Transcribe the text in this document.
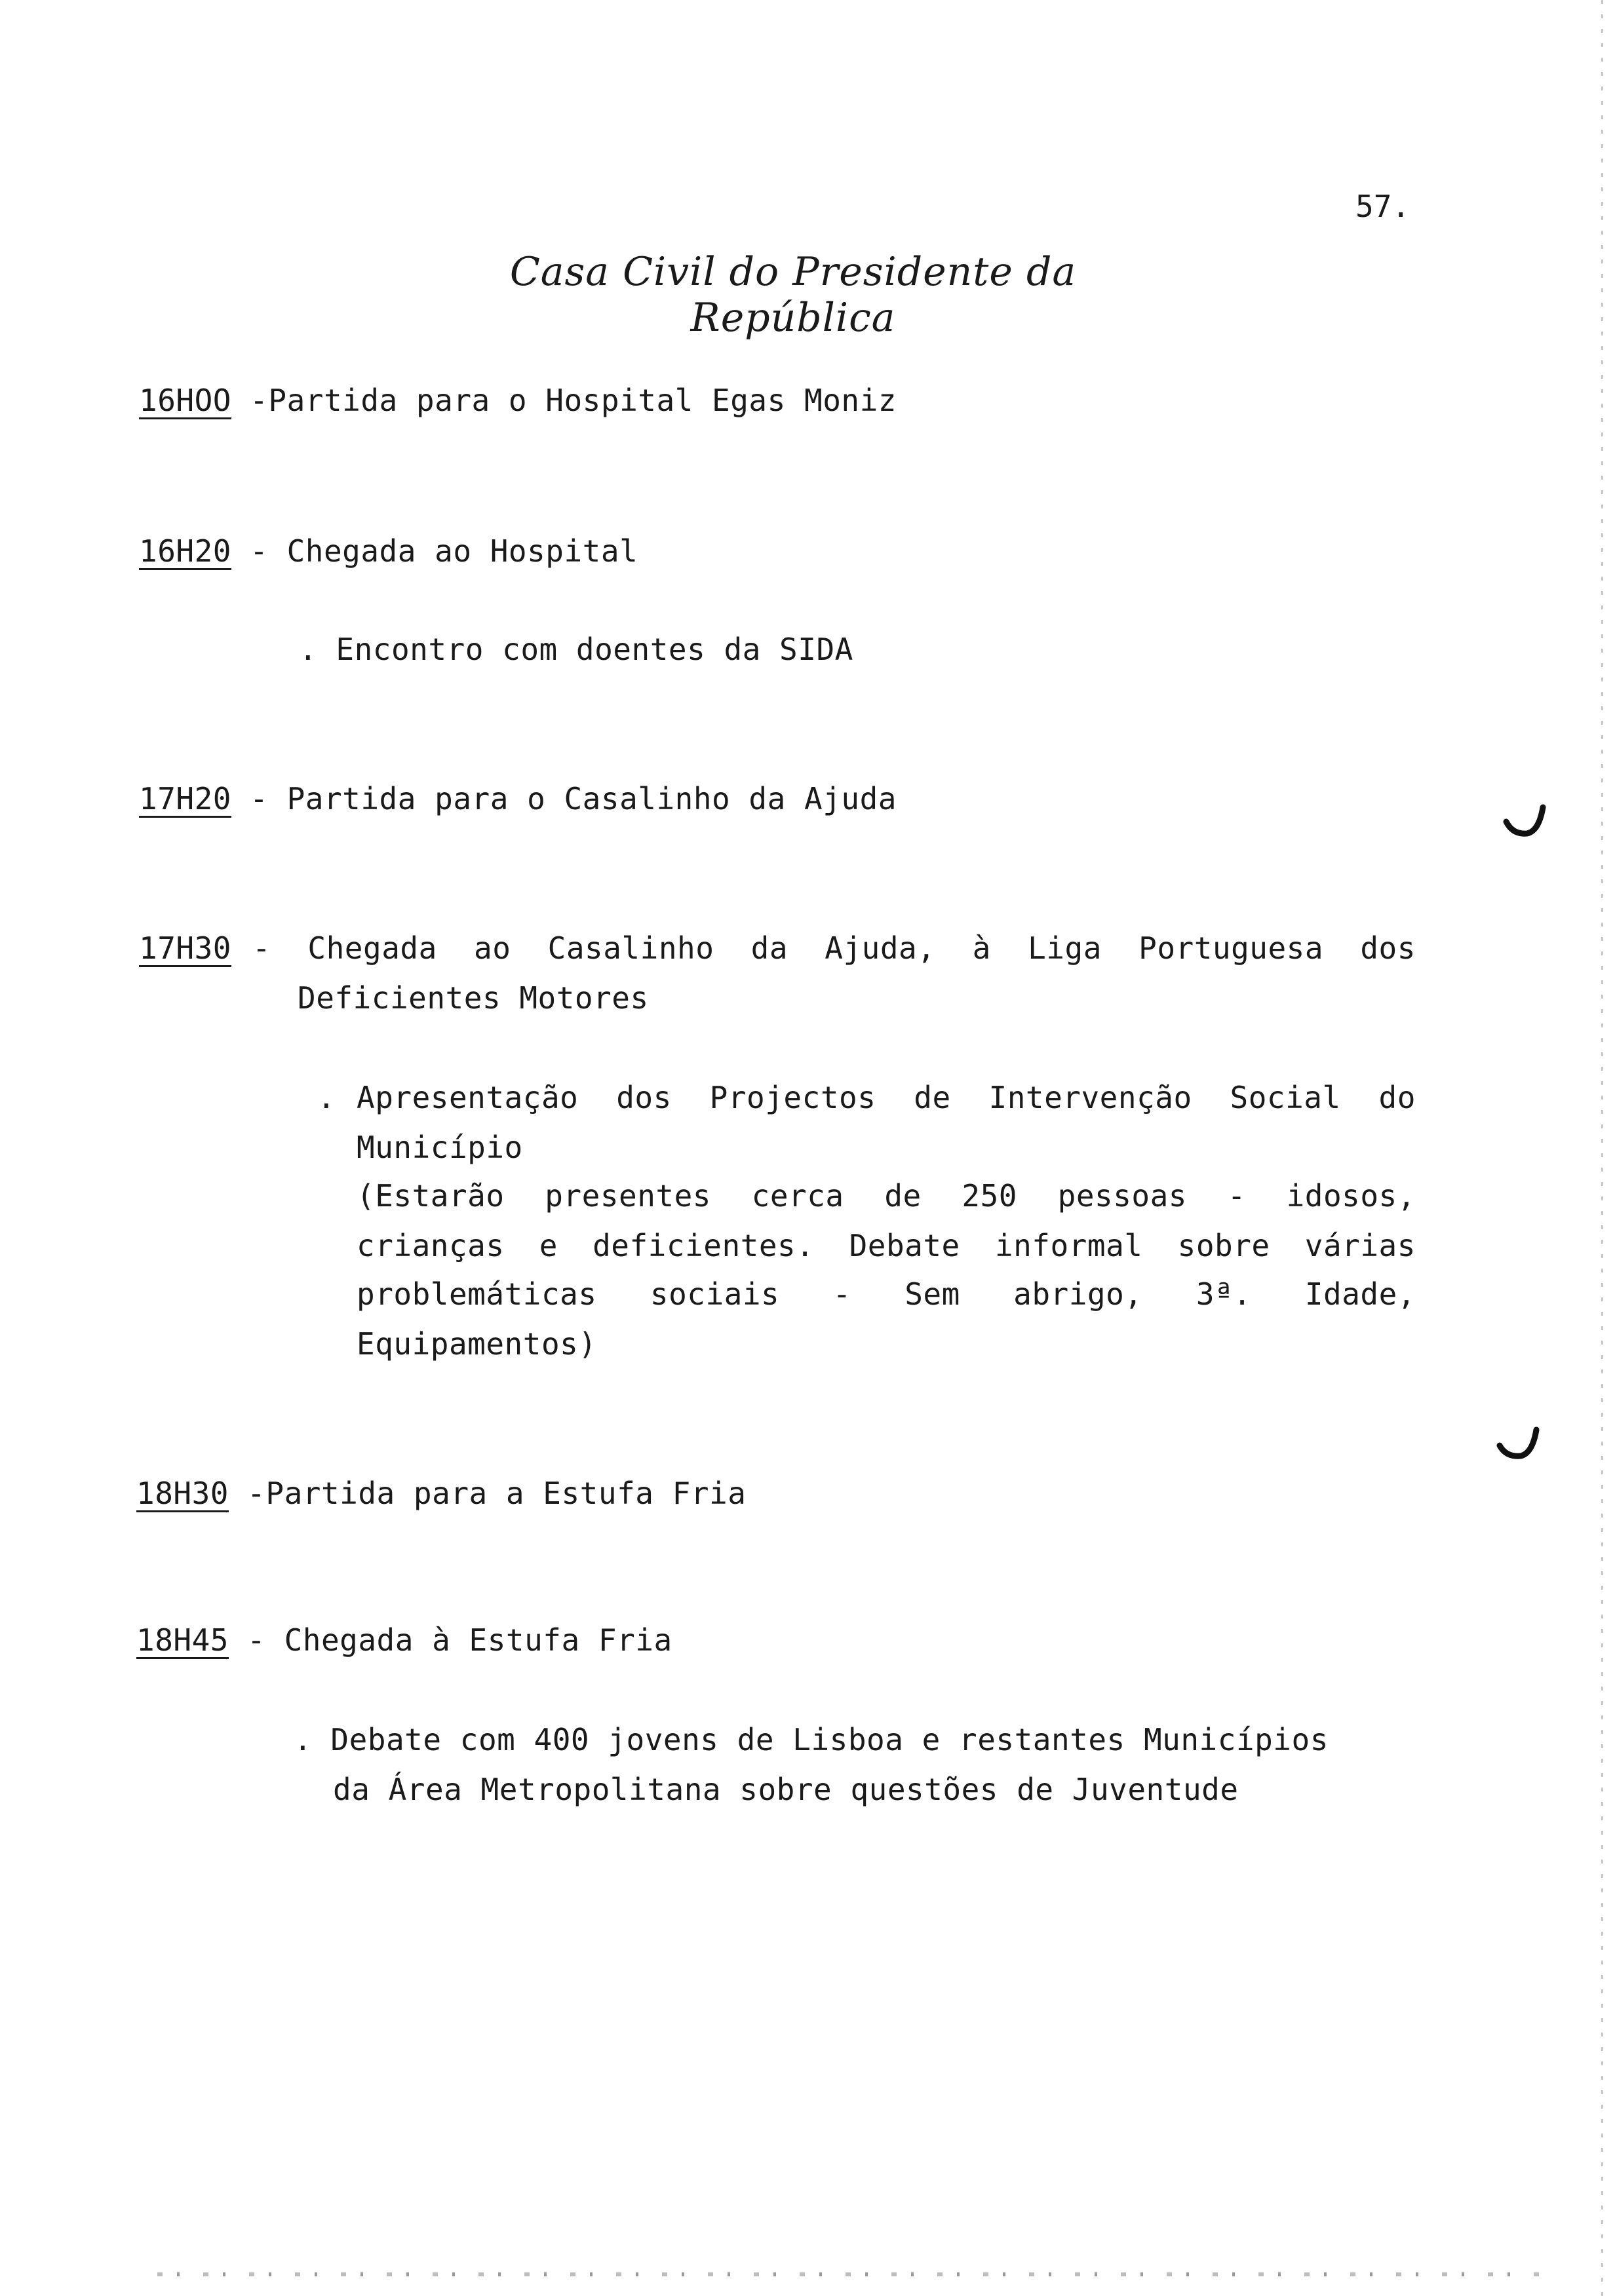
57.
Casa Civil do Presidente da República
16HOO -Partida para o Hospital Egas Moniz
16H20 - Chegada ao Hospital
. Encontro com doentes da SIDA
17H20 - Partida para o Casalinho da Ajuda
17H30 - Chegada ao Casalinho da Ajuda, à Liga Portuguesa dos
Deficientes Motores
. Apresentação dos Projectos de Intervenção Social do
Município
(Estarão presentes cerca de 250 pessoas - idosos,
crianças e deficientes. Debate informal sobre várias
problemáticas sociais - Sem abrigo, 3ª. Idade,
Equipamentos)
18H30 -Partida para a Estufa Fria
18H45 - Chegada à Estufa Fria
. Debate com 400 jovens de Lisboa e restantes Municípios
da Área Metropolitana sobre questões de Juventude
